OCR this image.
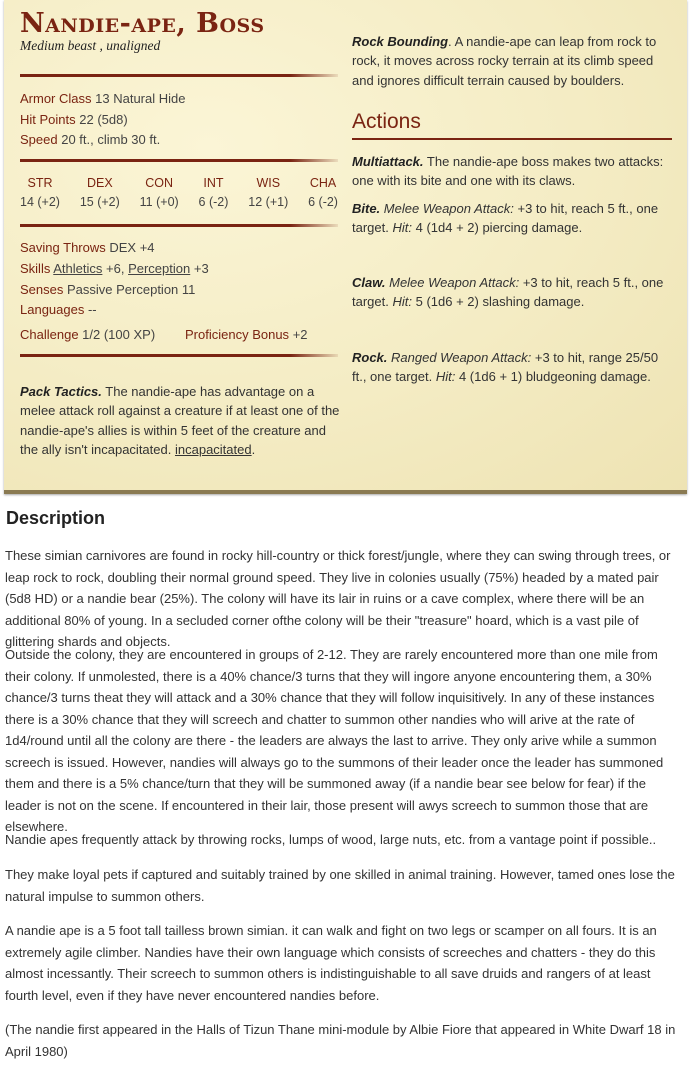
Nandie-ape, Boss
Medium beast , unaligned
Armor Class 13 Natural Hide
Hit Points 22 (5d8)
Speed 20 ft., climb 30 ft.
STR
14 (+2)
DEX
15 (+2)
CON
11 (+0)
INT
6 (-2)
WIS
12 (+1)
CHA
6 (-2)
Saving Throws DEX +4
Skills Athletics +6, Perception +3
Senses Passive Perception 11
Languages --
Challenge 1/2 (100 XP) Proficiency Bonus +2
Pack Tactics. The nandie-ape has advantage on a melee attack roll against a creature if at least one of the nandie-ape's allies is within 5 feet of the creature and the ally isn't incapacitated. incapacitated.
Rock Bounding. A nandie-ape can leap from rock to rock, it moves across rocky terrain at its climb speed and ignores difficult terrain caused by boulders.
Actions
Multiattack. The nandie-ape boss makes two attacks: one with its bite and one with its claws.
Bite. Melee Weapon Attack: +3 to hit, reach 5 ft., one target. Hit: 4 (1d4 + 2) piercing damage.
Claw. Melee Weapon Attack: +3 to hit, reach 5 ft., one target. Hit: 5 (1d6 + 2) slashing damage.
Rock. Ranged Weapon Attack: +3 to hit, range 25/50 ft., one target. Hit: 4 (1d6 + 1) bludgeoning damage.
Description
These simian carnivores are found in rocky hill-country or thick forest/jungle, where they can swing through trees, or leap rock to rock, doubling their normal ground speed. They live in colonies usually (75%) headed by a mated pair (5d8 HD) or a nandie bear (25%). The colony will have its lair in ruins or a cave complex, where there will be an additional 80% of young. In a secluded corner ofthe colony will be their "treasure" hoard, which is a vast pile of glittering shards and objects.
Outside the colony, they are encountered in groups of 2-12. They are rarely encountered more than one mile from their colony. If unmolested, there is a 40% chance/3 turns that they will ingore anyone encountering them, a 30% chance/3 turns theat they will attack and a 30% chance that they will follow inquisitively. In any of these instances there is a 30% chance that they will screech and chatter to summon other nandies who will arive at the rate of 1d4/round until all the colony are there - the leaders are always the last to arrive. They only arive while a summon screech is issued. However, nandies will always go to the summons of their leader once the leader has summoned them and there is a 5% chance/turn that they will be summoned away (if a nandie bear see below for fear) if the leader is not on the scene. If encountered in their lair, those present will awys screech to summon those that are elsewhere.
Nandie apes frequently attack by throwing rocks, lumps of wood, large nuts, etc. from a vantage point if possible..
They make loyal pets if captured and suitably trained by one skilled in animal training. However, tamed ones lose the natural impulse to summon others.
A nandie ape is a 5 foot tall tailless brown simian. it can walk and fight on two legs or scamper on all fours. It is an extremely agile climber. Nandies have their own language which consists of screeches and chatters - they do this almost incessantly. Their screech to summon others is indistinguishable to all save druids and rangers of at least fourth level, even if they have never encountered nandies before.
(The nandie first appeared in the Halls of Tizun Thane mini-module by Albie Fiore that appeared in White Dwarf 18 in April 1980)
